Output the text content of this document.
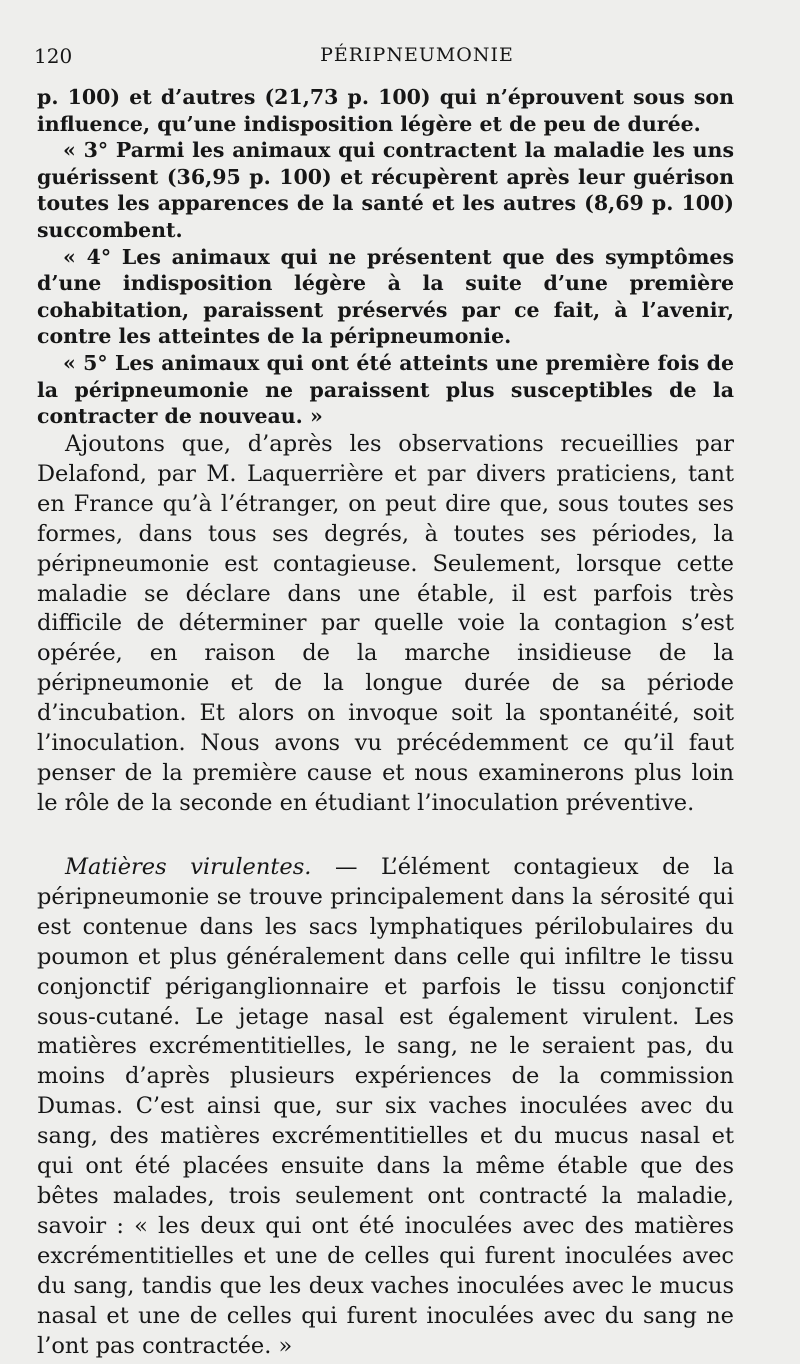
120	PÉRIPNEUMONIE

p. 100) et d’autres (21,73 p. 100) qui n’éprouvent sous son influence, qu’une indisposition légère et de peu de durée.

« 3° Parmi les animaux qui contractent la maladie les uns guérissent (36,95 p. 100) et récupèrent après leur guérison toutes les apparences de la santé et les autres (8,69 p. 100) succombent.

« 4° Les animaux qui ne présentent que des symptômes d’une indisposition légère à la suite d’une première cohabitation, paraissent préservés par ce fait, à l’avenir, contre les atteintes de la péripneumonie.

« 5° Les animaux qui ont été atteints une première fois de la péripneumonie ne paraissent plus susceptibles de la contracter de nouveau. »

Ajoutons que, d’après les observations recueillies par Delafond, par M. Laquerrière et par divers praticiens, tant en France qu’à l’étranger, on peut dire que, sous toutes ses formes, dans tous ses degrés, à toutes ses périodes, la péripneumonie est contagieuse. Seulement, lorsque cette maladie se déclare dans une étable, il est parfois très difficile de déterminer par quelle voie la contagion s’est opérée, en raison de la marche insidieuse de la péripneumonie et de la longue durée de sa période d’incubation. Et alors on invoque soit la spontanéité, soit l’inoculation. Nous avons vu précédemment ce qu’il faut penser de la première cause et nous examinerons plus loin le rôle de la seconde en étudiant l’inoculation préventive.

Matières virulentes. — L’élément contagieux de la péripneumonie se trouve principalement dans la sérosité qui est contenue dans les sacs lymphatiques périlobulaires du poumon et plus généralement dans celle qui infiltre le tissu conjonctif périganglionnaire et parfois le tissu conjonctif sous-cutané. Le jetage nasal est également virulent. Les matières excrémentitielles, le sang, ne le seraient pas, du moins d’après plusieurs expériences de la commission Dumas. C’est ainsi que, sur six vaches inoculées avec du sang, des matières excrémentitielles et du mucus nasal et qui ont été placées ensuite dans la même étable que des bêtes malades, trois seulement ont contracté la maladie, savoir : « les deux qui ont été inoculées avec des matières excrémentitielles et une de celles qui furent inoculées avec du sang, tandis que les deux vaches inoculées avec le mucus nasal et une de celles qui furent inoculées avec du sang ne l’ont pas contractée. »
